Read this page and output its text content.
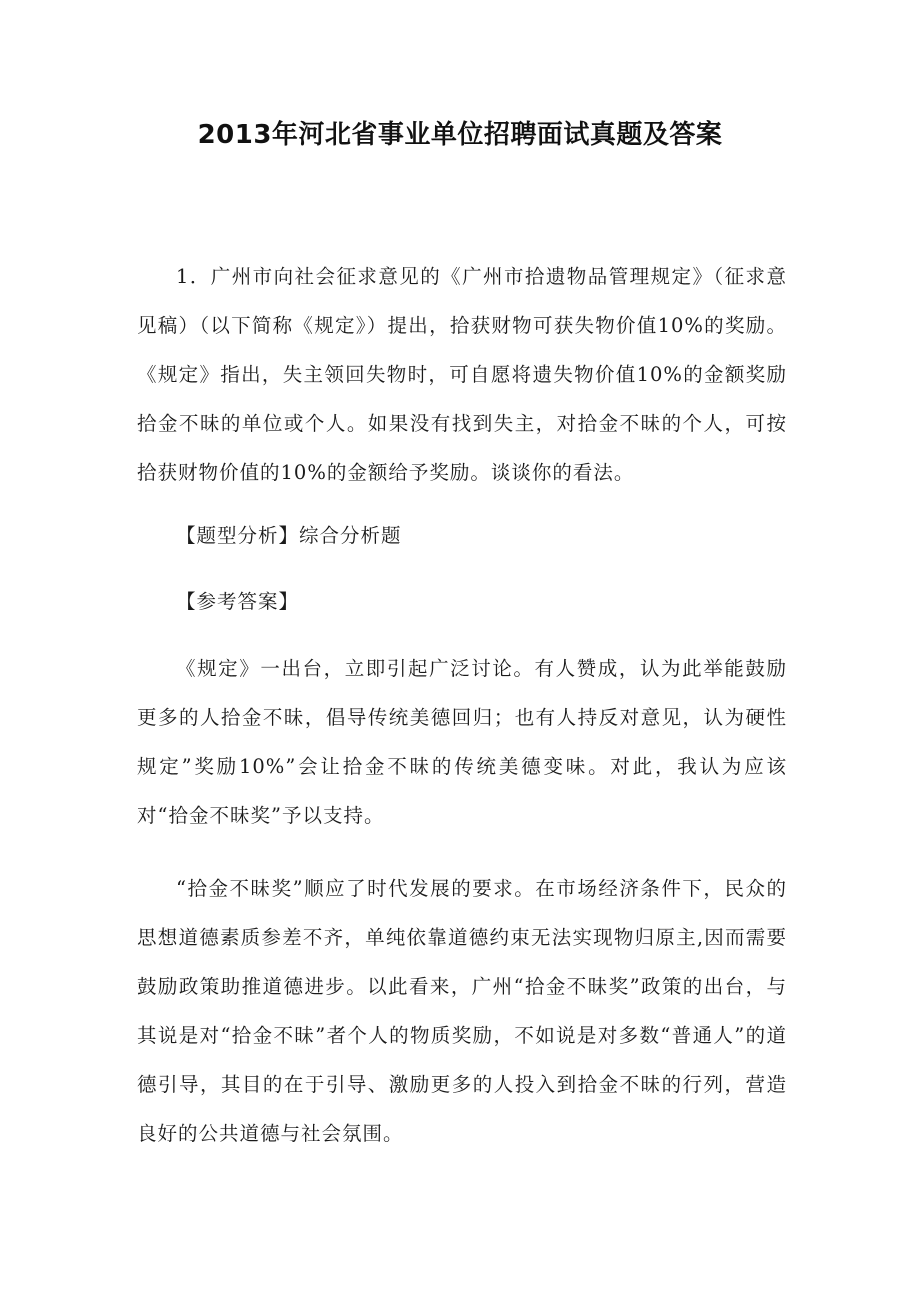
2013年河北省事业单位招聘面试真题及答案

1．广州市向社会征求意见的《广州市拾遗物品管理规定》（征求意见稿）（以下简称《规定》）提出，拾获财物可获失物价值10%的奖励。《规定》指出，失主领回失物时，可自愿将遗失物价值10%的金额奖励拾金不昧的单位或个人。如果没有找到失主，对拾金不昧的个人，可按拾获财物价值的10%的金额给予奖励。谈谈你的看法。

【题型分析】综合分析题

【参考答案】

《规定》一出台，立即引起广泛讨论。有人赞成，认为此举能鼓励更多的人拾金不昧，倡导传统美德回归；也有人持反对意见，认为硬性规定”奖励10%”会让拾金不昧的传统美德变味。对此，我认为应该对“拾金不昧奖”予以支持。

“拾金不昧奖”顺应了时代发展的要求。在市场经济条件下，民众的思想道德素质参差不齐，单纯依靠道德约束无法实现物归原主,因而需要鼓励政策助推道德进步。以此看来，广州“拾金不昧奖”政策的出台，与其说是对“拾金不昧”者个人的物质奖励，不如说是对多数“普通人”的道德引导，其目的在于引导、激励更多的人投入到拾金不昧的行列，营造良好的公共道德与社会氛围。
